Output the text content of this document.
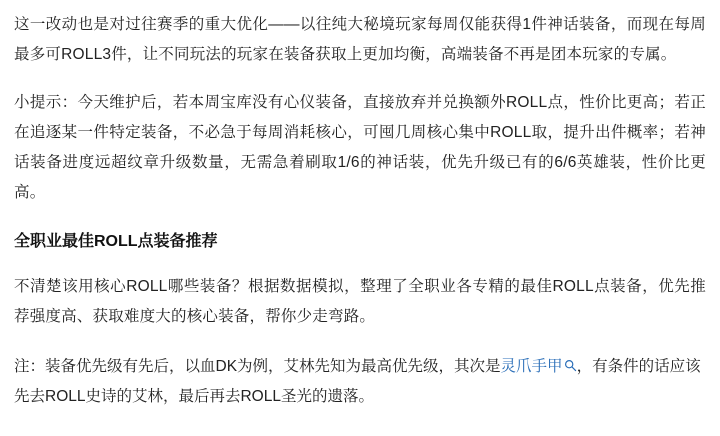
这一改动也是对过往赛季的重大优化——以往纯大秘境玩家每周仅能获得1件神话装备，而现在每周最多可ROLL3件，让不同玩法的玩家在装备获取上更加均衡，高端装备不再是团本玩家的专属。

小提示：今天维护后，若本周宝库没有心仪装备，直接放弃并兑换额外ROLL点，性价比更高；若正在追逐某一件特定装备，不必急于每周消耗核心，可囤几周核心集中ROLL取，提升出件概率；若神话装备进度远超纹章升级数量，无需急着刷取1/6的神话装，优先升级已有的6/6英雄装，性价比更高。

全职业最佳ROLL点装备推荐

不清楚该用核心ROLL哪些装备？根据数据模拟，整理了全职业各专精的最佳ROLL点装备，优先推荐强度高、获取难度大的核心装备，帮你少走弯路。

注：装备优先级有先后，以血DK为例，艾林先知为最高优先级，其次是灵爪手甲 ，有条件的话应该先去ROLL史诗的艾林，最后再去ROLL圣光的遗落。
